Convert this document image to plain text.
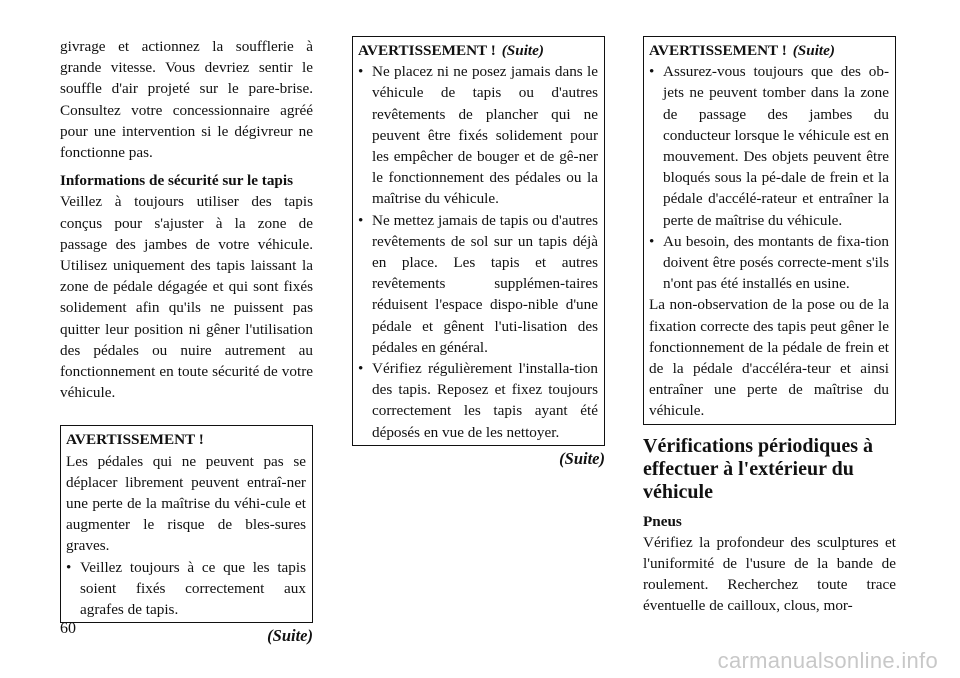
givrage et actionnez la soufflerie à grande vitesse. Vous devriez sentir le souffle d'air projeté sur le pare-brise. Consultez votre concessionnaire agréé pour une intervention si le dégivreur ne fonctionne pas.

Informations de sécurité sur le tapis

Veillez à toujours utiliser des tapis conçus pour s'ajuster à la zone de passage des jambes de votre véhicule. Utilisez uniquement des tapis laissant la zone de pédale dégagée et qui sont fixés solidement afin qu'ils ne puissent pas quitter leur position ni gêner l'utilisation des pédales ou nuire autrement au fonctionnement en toute sécurité de votre véhicule.

AVERTISSEMENT !

Les pédales qui ne peuvent pas se déplacer librement peuvent entraî-ner une perte de la maîtrise du véhi-cule et augmenter le risque de bles-sures graves.

• Veillez toujours à ce que les tapis soient fixés correctement aux agrafes de tapis.
(Suite)
AVERTISSEMENT ! (Suite)
• Ne placez ni ne posez jamais dans le véhicule de tapis ou d'autres revêtements de plancher qui ne peuvent être fixés solidement pour les empêcher de bouger et de gê-ner le fonctionnement des pédales ou la maîtrise du véhicule.
• Ne mettez jamais de tapis ou d'autres revêtements de sol sur un tapis déjà en place. Les tapis et autres revêtements supplémen-taires réduisent l'espace dispo-nible d'une pédale et gênent l'uti-lisation des pédales en général.
• Vérifiez régulièrement l'installa-tion des tapis. Reposez et fixez toujours correctement les tapis ayant été déposés en vue de les nettoyer.
(Suite)
AVERTISSEMENT ! (Suite)
• Assurez-vous toujours que des ob-jets ne peuvent tomber dans la zone de passage des jambes du conducteur lorsque le véhicule est en mouvement. Des objets peuvent être bloqués sous la pé-dale de frein et la pédale d'accélé-rateur et entraîner la perte de maîtrise du véhicule.
• Au besoin, des montants de fixa-tion doivent être posés correcte-ment s'ils n'ont pas été installés en usine.

La non-observation de la pose ou de la fixation correcte des tapis peut gêner le fonctionnement de la pédale de frein et de la pédale d'accéléra-teur et ainsi entraîner une perte de maîtrise du véhicule.

Vérifications périodiques à effectuer à l'extérieur du véhicule

Pneus

Vérifiez la profondeur des sculptures et l'uniformité de l'usure de la bande de roulement. Recherchez toute trace éventuelle de cailloux, clous, mor-

60
carmanualsonline.info
